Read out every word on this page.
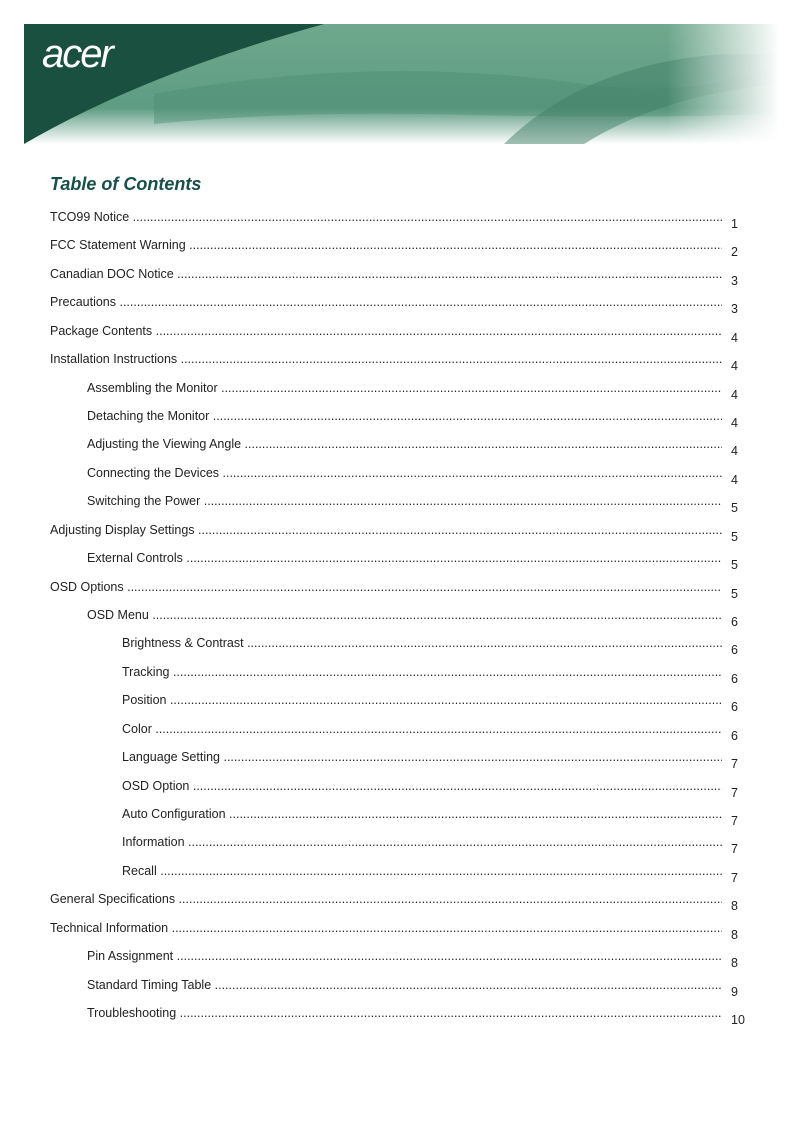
acer
Table of Contents
TCO99 Notice .....	1
FCC Statement Warning .....	2
Canadian DOC Notice .....	3
Precautions .....	3
Package Contents .....	4
Installation Instructions .....	4
Assembling the Monitor .....	4
Detaching the Monitor .....	4
Adjusting the Viewing Angle .....	4
Connecting the Devices .....	4
Switching the Power .....	5
Adjusting Display Settings .....	5
External Controls .....	5
OSD Options .....	5
OSD Menu .....	6
Brightness & Contrast .....	6
Tracking .....	6
Position .....	6
Color .....	6
Language Setting .....	7
OSD Option .....	7
Auto Configuration .....	7
Information .....	7
Recall .....	7
General Specifications .....	8
Technical Information .....	8
Pin Assignment .....	8
Standard Timing Table .....	9
Troubleshooting .....	10
